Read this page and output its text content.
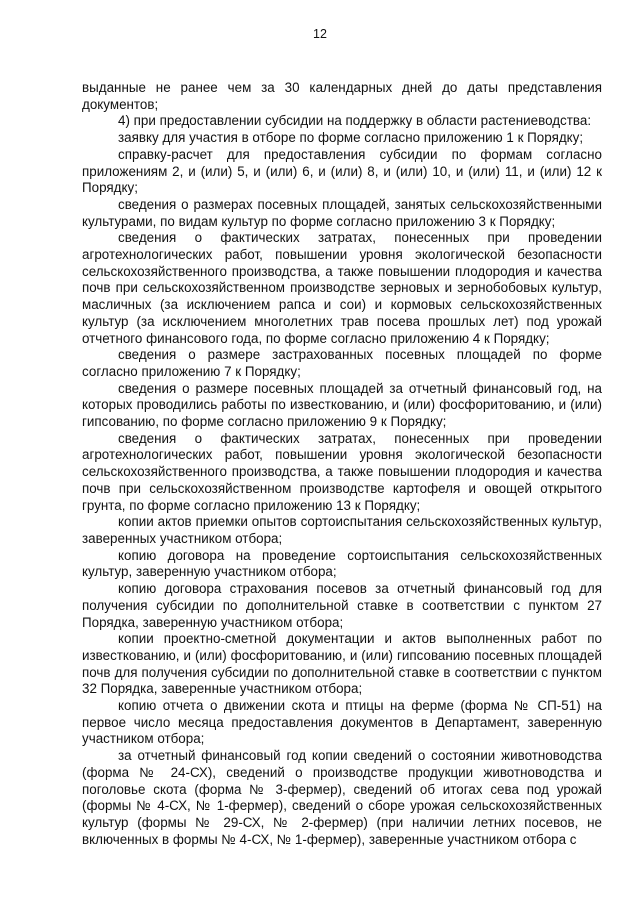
12

выданные не ранее чем за 30 календарных дней до даты представления документов;

4) при предоставлении субсидии на поддержку в области растениеводства:

заявку для участия в отборе по форме согласно приложению 1 к Порядку;

справку-расчет для предоставления субсидии по формам согласно приложениям 2, и (или) 5, и (или) 6, и (или) 8, и (или) 10, и (или) 11, и (или) 12 к Порядку;

сведения о размерах посевных площадей, занятых сельскохозяйственными культурами, по видам культур по форме согласно приложению 3 к Порядку;

сведения о фактических затратах, понесенных при проведении агротехнологических работ, повышении уровня экологической безопасности сельскохозяйственного производства, а также повышении плодородия и качества почв при сельскохозяйственном производстве зерновых и зернобобовых культур, масличных (за исключением рапса и сои) и кормовых сельскохозяйственных культур (за исключением многолетних трав посева прошлых лет) под урожай отчетного финансового года, по форме согласно приложению 4 к Порядку;

сведения о размере застрахованных посевных площадей по форме согласно приложению 7 к Порядку;

сведения о размере посевных площадей за отчетный финансовый год, на которых проводились работы по известкованию, и (или) фосфоритованию, и (или) гипсованию, по форме согласно приложению 9 к Порядку;

сведения о фактических затратах, понесенных при проведении агротехнологических работ, повышении уровня экологической безопасности сельскохозяйственного производства, а также повышении плодородия и качества почв при сельскохозяйственном производстве картофеля и овощей открытого грунта, по форме согласно приложению 13 к Порядку;

копии актов приемки опытов сортоиспытания сельскохозяйственных культур, заверенных участником отбора;

копию договора на проведение сортоиспытания сельскохозяйственных культур, заверенную участником отбора;

копию договора страхования посевов за отчетный финансовый год для получения субсидии по дополнительной ставке в соответствии с пунктом 27 Порядка, заверенную участником отбора;

копии проектно-сметной документации и актов выполненных работ по известкованию, и (или) фосфоритованию, и (или) гипсованию посевных площадей почв для получения субсидии по дополнительной ставке в соответствии с пунктом 32 Порядка, заверенные участником отбора;

копию отчета о движении скота и птицы на ферме (форма № СП-51) на первое число месяца предоставления документов в Департамент, заверенную участником отбора;

за отчетный финансовый год копии сведений о состоянии животноводства (форма № 24-СХ), сведений о производстве продукции животноводства и поголовье скота (форма № 3-фермер), сведений об итогах сева под урожай (формы № 4-СХ, № 1-фермер), сведений о сборе урожая сельскохозяйственных культур (формы № 29-СХ, № 2-фермер) (при наличии летних посевов, не включенных в формы № 4-СХ, № 1-фермер), заверенные участником отбора с
